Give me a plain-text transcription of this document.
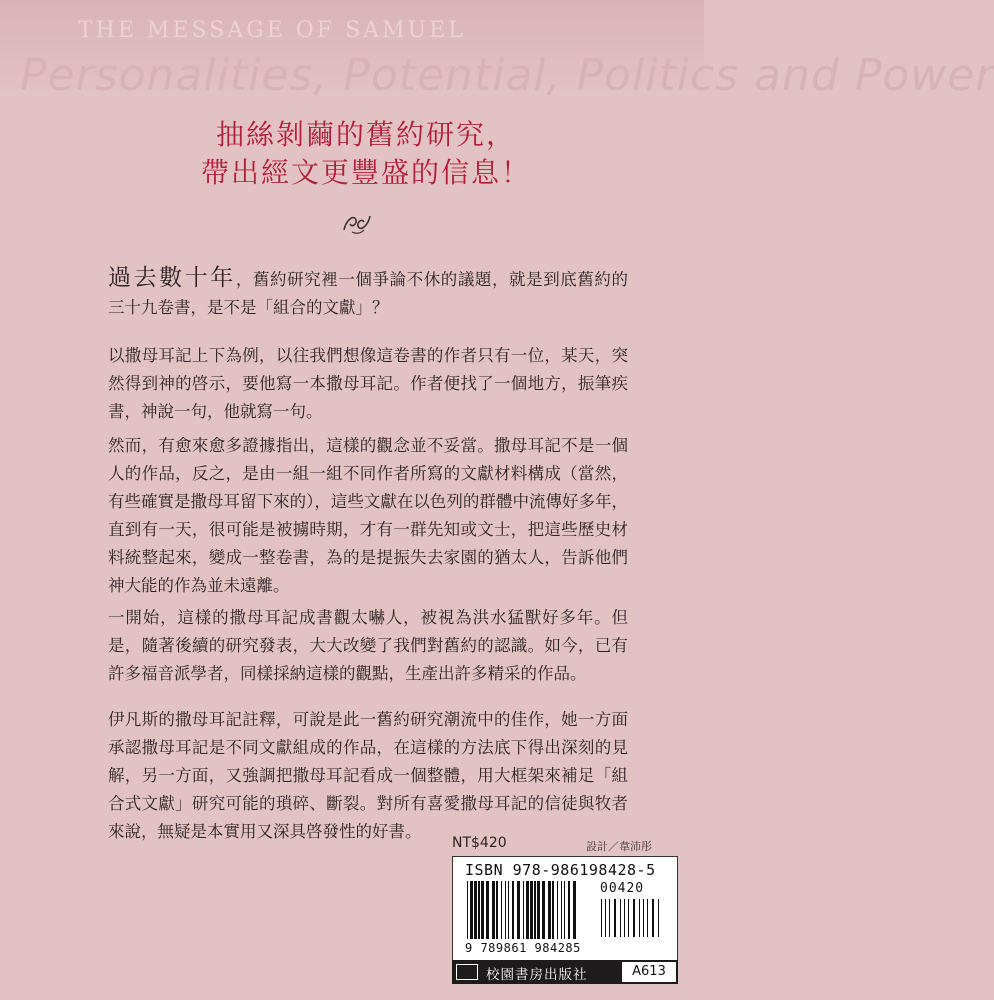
THE MESSAGE OF SAMUEL
Personalities, Potential, Politics and Power
抽絲剝繭的舊約研究，
帶出經文更豐盛的信息！

過去數十年，舊約研究裡一個爭論不休的議題，就是到底舊約的三十九卷書，是不是「組合的文獻」？

以撒母耳記上下為例，以往我們想像這卷書的作者只有一位，某天，突然得到神的啓示，要他寫一本撒母耳記。作者便找了一個地方，振筆疾書，神說一句，他就寫一句。

然而，有愈來愈多證據指出，這樣的觀念並不妥當。撒母耳記不是一個人的作品，反之，是由一組一組不同作者所寫的文獻材料構成（當然，有些確實是撒母耳留下來的），這些文獻在以色列的群體中流傳好多年，直到有一天，很可能是被擄時期，才有一群先知或文士，把這些歷史材料統整起來，變成一整卷書，為的是提振失去家園的猶太人，告訴他們神大能的作為並未遠離。

一開始，這樣的撒母耳記成書觀太嚇人，被視為洪水猛獸好多年。但是，隨著後續的研究發表，大大改變了我們對舊約的認識。如今，已有許多福音派學者，同樣採納這樣的觀點，生產出許多精采的作品。

伊凡斯的撒母耳記註釋，可說是此一舊約研究潮流中的佳作，她一方面承認撒母耳記是不同文獻組成的作品，在這樣的方法底下得出深刻的見解，另一方面，又強調把撒母耳記看成一個整體，用大框架來補足「組合式文獻」研究可能的瑣碎、斷裂。對所有喜愛撒母耳記的信徒與牧者來說，無疑是本實用又深具啓發性的好書。

NT$420	設計／韋沛彤
ISBN 978-986198428-5
00420
9 789861 984285
校園書房出版社	A613
